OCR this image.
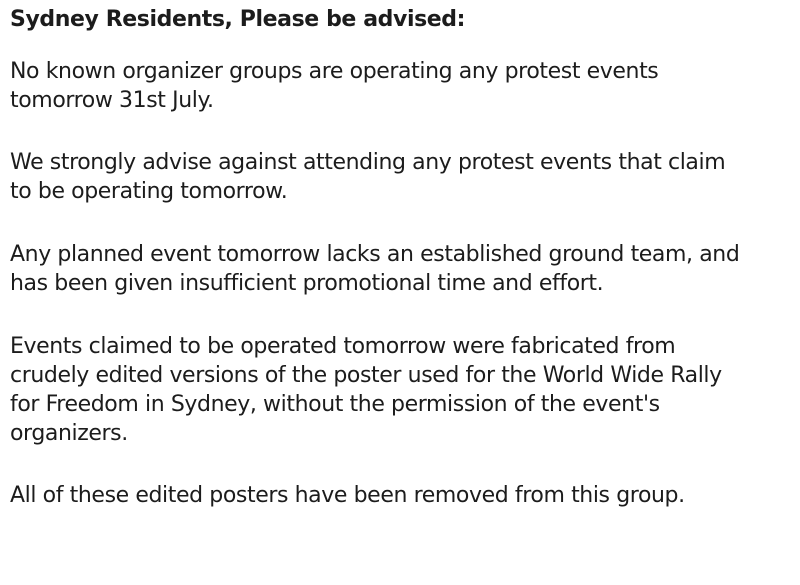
Sydney Residents, Please be advised:

No known organizer groups are operating any protest events
tomorrow 31st July.

We strongly advise against attending any protest events that claim
to be operating tomorrow.

Any planned event tomorrow lacks an established ground team, and
has been given insufficient promotional time and effort.

Events claimed to be operated tomorrow were fabricated from
crudely edited versions of the poster used for the World Wide Rally
for Freedom in Sydney, without the permission of the event's
organizers.

All of these edited posters have been removed from this group.
